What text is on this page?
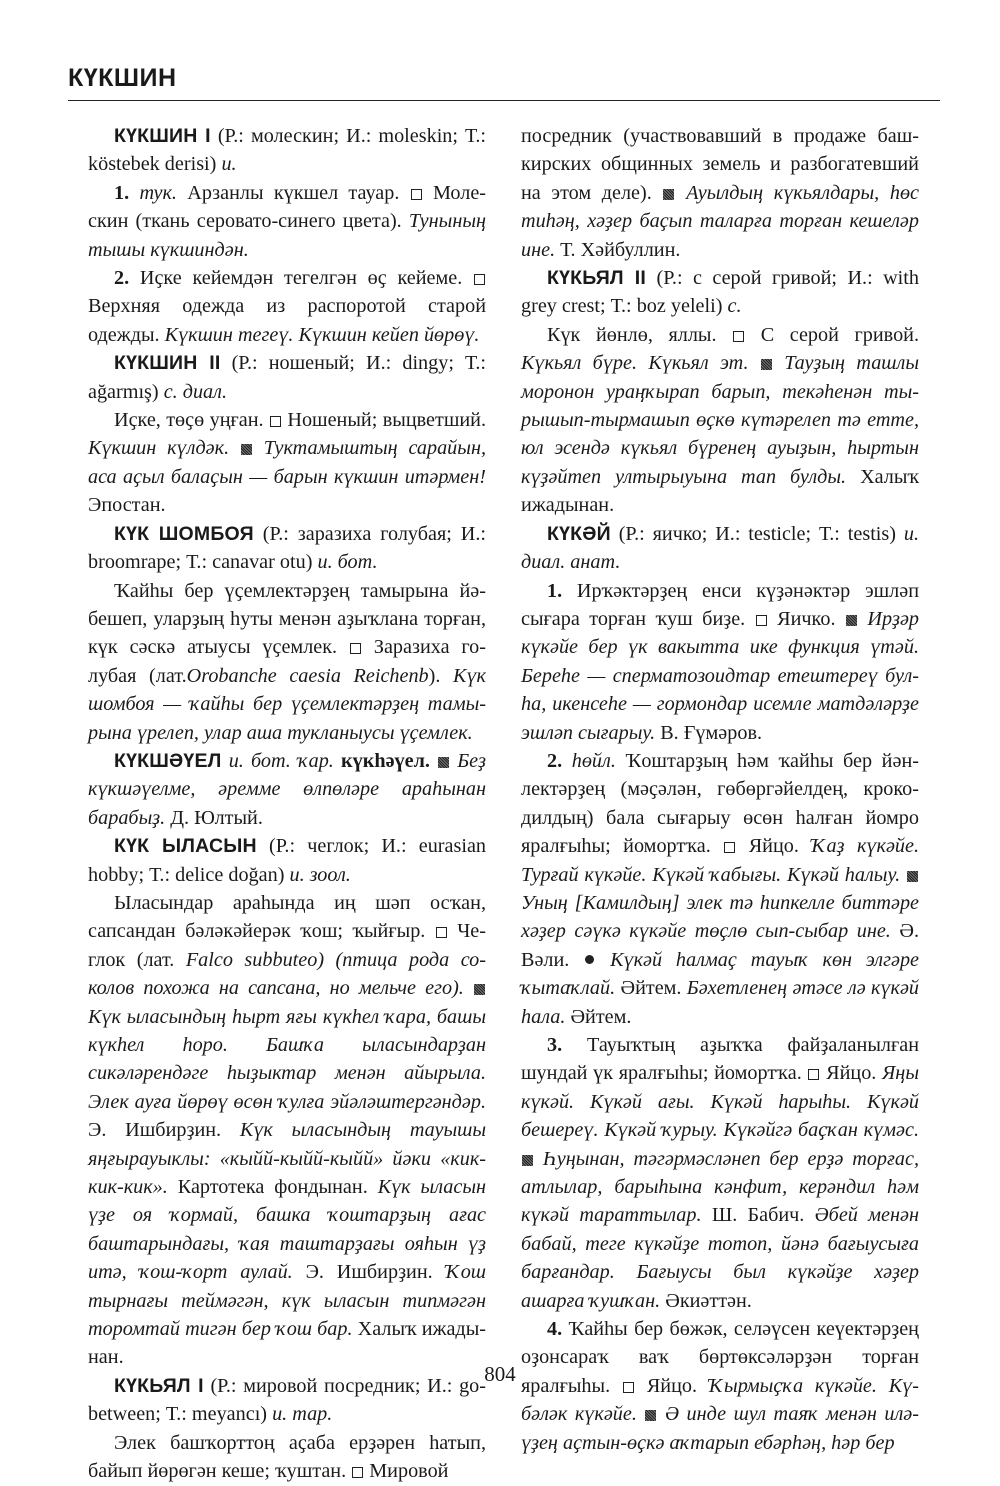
КҮКШИН

КҮКШИН I (Р.: молескин; И.: moleskin; Т.: köstebek derisi) и.

1. тук. Арзанлы күкшел тауар. Молескин (ткань серовато-синего цвета). Тунының тышы күкшиндән.

2. Иҫке кейемдән тегелгән өҫ кейеме.  Верхняя одежда из распоротой старой одежды. Күкшин тегеү. Күкшин кейеп йөрөү.

КҮКШИН II (Р.: ношеный; И.: dingy; Т.: ağarmış) с. диал.

Иҫке, төҫө уңған. Ношеный; выцветший. Күкшин күлдәк. Туктамыштың сарайын, аса аҫыл балаҫын — барын күкшин итәрмен! Эпостан.

КҮК ШОМБОЯ (Р.: заразиха голубая; И.: broomrape; Т.: canavar otu) и. бот.

Ҡайһы бер үҫемлектәрҙең тамырына йәбешеп, уларҙың һуты менән аҙыҡлана торған, күк сәскә атыусы үҫемлек. Заразиха голубая (лат.Orobanche caesia Reichenb). Күк шомбоя — ҡайһы бер үҫемлектәрҙең тамырына үрелеп, улар аша тукланыусы үҫемлек.

КҮКШӘҮЕЛ и. бот. ҡар. күкһәүел. Беҙ күкшәүелме, әремме өлпөләре араһынан барабыҙ. Д. Юлтый.

КҮК ЫЛАСЫН (Р.: чеглок; И.: eurasian hobby; Т.: delice doğan) и. зоол.

Ыласындар араһында иң шәп осҡан, сапсандан бәләкәйерәк ҡош; ҡыйғыр. Чеглок (лат. Falco subbuteo) (птица рода соколов похожа на сапсана, но мельче его).  Күк ыласындың һырт яғы күкһел ҡара, башы күкһел һоро. Башҡа ыласындарҙан сикәләрендәге һыҙыктар менән айырыла. Элек ауға йөрөү өсөн ҡулға эйәләштергәндәр. Э. Ишбирҙин. Күк ыласындың тауышы яңғырауыклы: «кыйй-кыйй-кыйй» йәки «кик-кик-кик». Картотека фондынан. Күк ыласын үҙе оя ҡормай, башка ҡоштарҙың ағас баштарындағы, ҡая таштарҙағы ояһын үҙ итә, ҡош-ҡорт аулай. Э. Ишбирҙин. Ҡош тырнағы теймәгән, күк ыласын типмәгән торомтай тигән бер ҡош бар. Халыҡ ижадынан.

КҮКЬЯЛ I (Р.: мировой посредник; И.: go-between; Т.: meyancı) и. тар.

Элек башҡорттоң аҫаба ерҙәрен һатып, байып йөрөгән кеше; ҡуштан. Мировой

посредник (участвовавший в продаже башкирских общинных земель и разбогатевший на этом деле). Ауылдың күкьялдары, һөс тиһәң, хәҙер баҫып таларға торған кешеләр ине. Т. Хәйбуллин.

КҮКЬЯЛ II (Р.: с серой гривой; И.: with grey crest; Т.: boz yeleli) с.

Күк йөнлө, яллы. С серой гривой. Күкьял бүре. Күкьял эт. Тауҙың ташлы моронон ураңҡырап барып, текәһенән тырышып-тырмашып өҫкө күтәрелеп тә етте, юл эсендә күкьял бүренең ауыҙын, һыртын күҙәйтеп ултырыуына тап булды. Халыҡ ижадынан.

КҮКӘЙ (Р.: яичко; И.: testicle; Т.: testis) и. диал. анат.

1. Ирҡәктәрҙең енси күҙәнәктәр эшләп сығара торған ҡуш биҙе. Яичко. Ирҙәр күкәйе бер үк вакытта ике функция үтәй. Береһе — сперматозоидтар етештереү булһа, икенсеһе — гормондар исемле матдәләрҙе эшләп сығарыу. В. Ғүмәров.

2. һөйл. Ҡоштарҙың һәм ҡайһы бер йәнлектәрҙең (мәҫәлән, гөбөргәйелдең, крокодилдың) бала сығарыу өсөн һалған йомро яралғыһы; йомортҡа. Яйцо. Ҡаҙ күкәйе. Турғай күкәйе. Күкәй ҡабығы. Күкәй һалыу.  Уның [Камилдың] элек тә һипкелле биттәре хәҙер сәүкә күкәйе төҫлө сып-сыбар ине. Ә. Вәли. Күкәй һалмаҫ тауыҡ көн элгәре ҡытаҡлай. Әйтем. Бәхетленең әтәсе лә күкәй һала. Әйтем.

3. Тауыҡтың аҙыҡҡа файҙаланылған шундай үк яралғыһы; йомортҡа. Яйцо. Яңы күкәй. Күкәй ағы. Күкәй һарыһы. Күкәй бешереү. Күкәй ҡурыу. Күкәйгә баҫҡан күмәс.  Һуңынан, тәгәрмәсләнеп бер ерҙә торғаc, атлылар, барыһына кәнфит, керәндил һәм күкәй тараттылар. Ш. Бабич. Әбей менән бабай, теге күкәйҙе тотоп, йәнә бағыусыға барғандар. Бағыусы был күкәйҙе хәҙер ашарға ҡушҡан. Әкиәттән.

4. Ҡайһы бер бөжәк, селәүсен кеүектәрҙең оҙонсараҡ ваҡ бөртөксәләрҙән торған яралғыһы. Яйцо. Ҡырмыҫҡа күкәйе. Күбәләк күкәйе. Ә инде шул таяҡ менән иләүҙең аҫтын-өҫкә аҡтарып ебәрһәң, һәр бер

804
